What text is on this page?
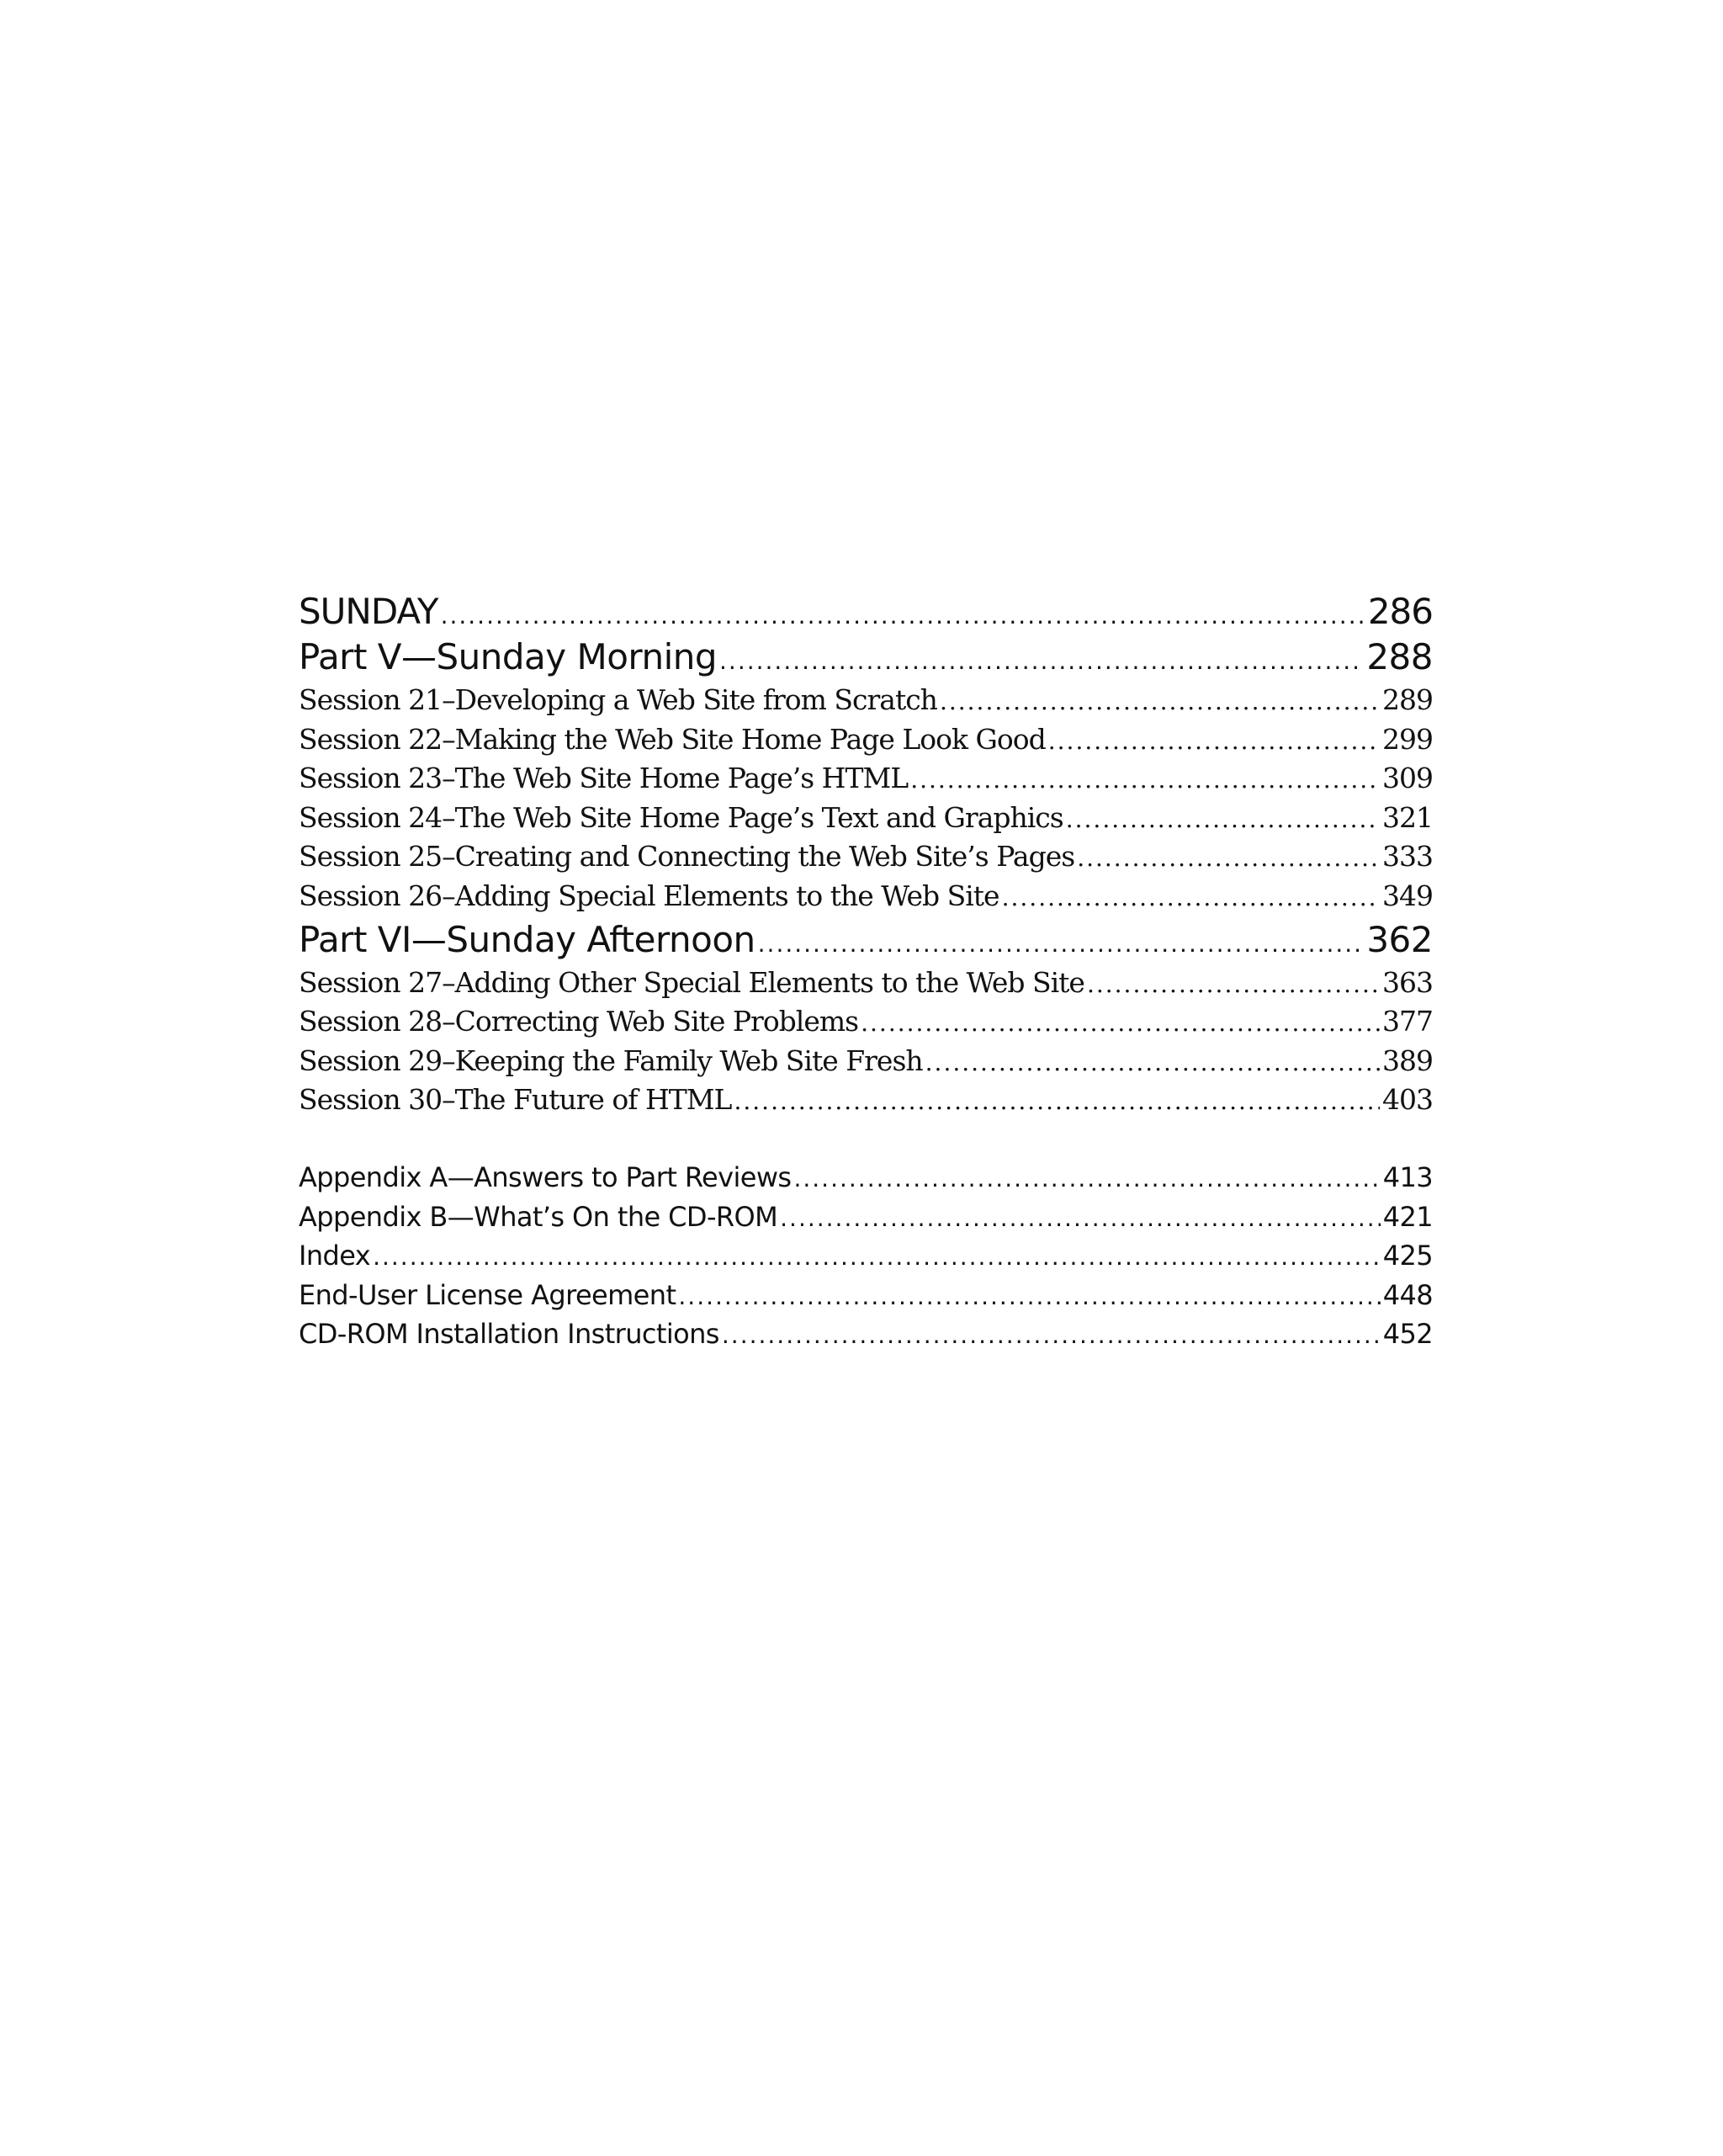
SUNDAY .....	286
Part V—Sunday Morning .....	288
Session 21–Developing a Web Site from Scratch .....	289
Session 22–Making the Web Site Home Page Look Good .....	299
Session 23–The Web Site Home Page’s HTML .....	309
Session 24–The Web Site Home Page’s Text and Graphics .....	321
Session 25–Creating and Connecting the Web Site’s Pages .....	333
Session 26–Adding Special Elements to the Web Site .....	349
Part VI—Sunday Afternoon .....	362
Session 27–Adding Other Special Elements to the Web Site .....	363
Session 28–Correcting Web Site Problems .....	377
Session 29–Keeping the Family Web Site Fresh .....	389
Session 30–The Future of HTML .....	403
Appendix A—Answers to Part Reviews .....	413
Appendix B—What’s On the CD-ROM .....	421
Index .....	425
End-User License Agreement .....	448
CD-ROM Installation Instructions .....	452
